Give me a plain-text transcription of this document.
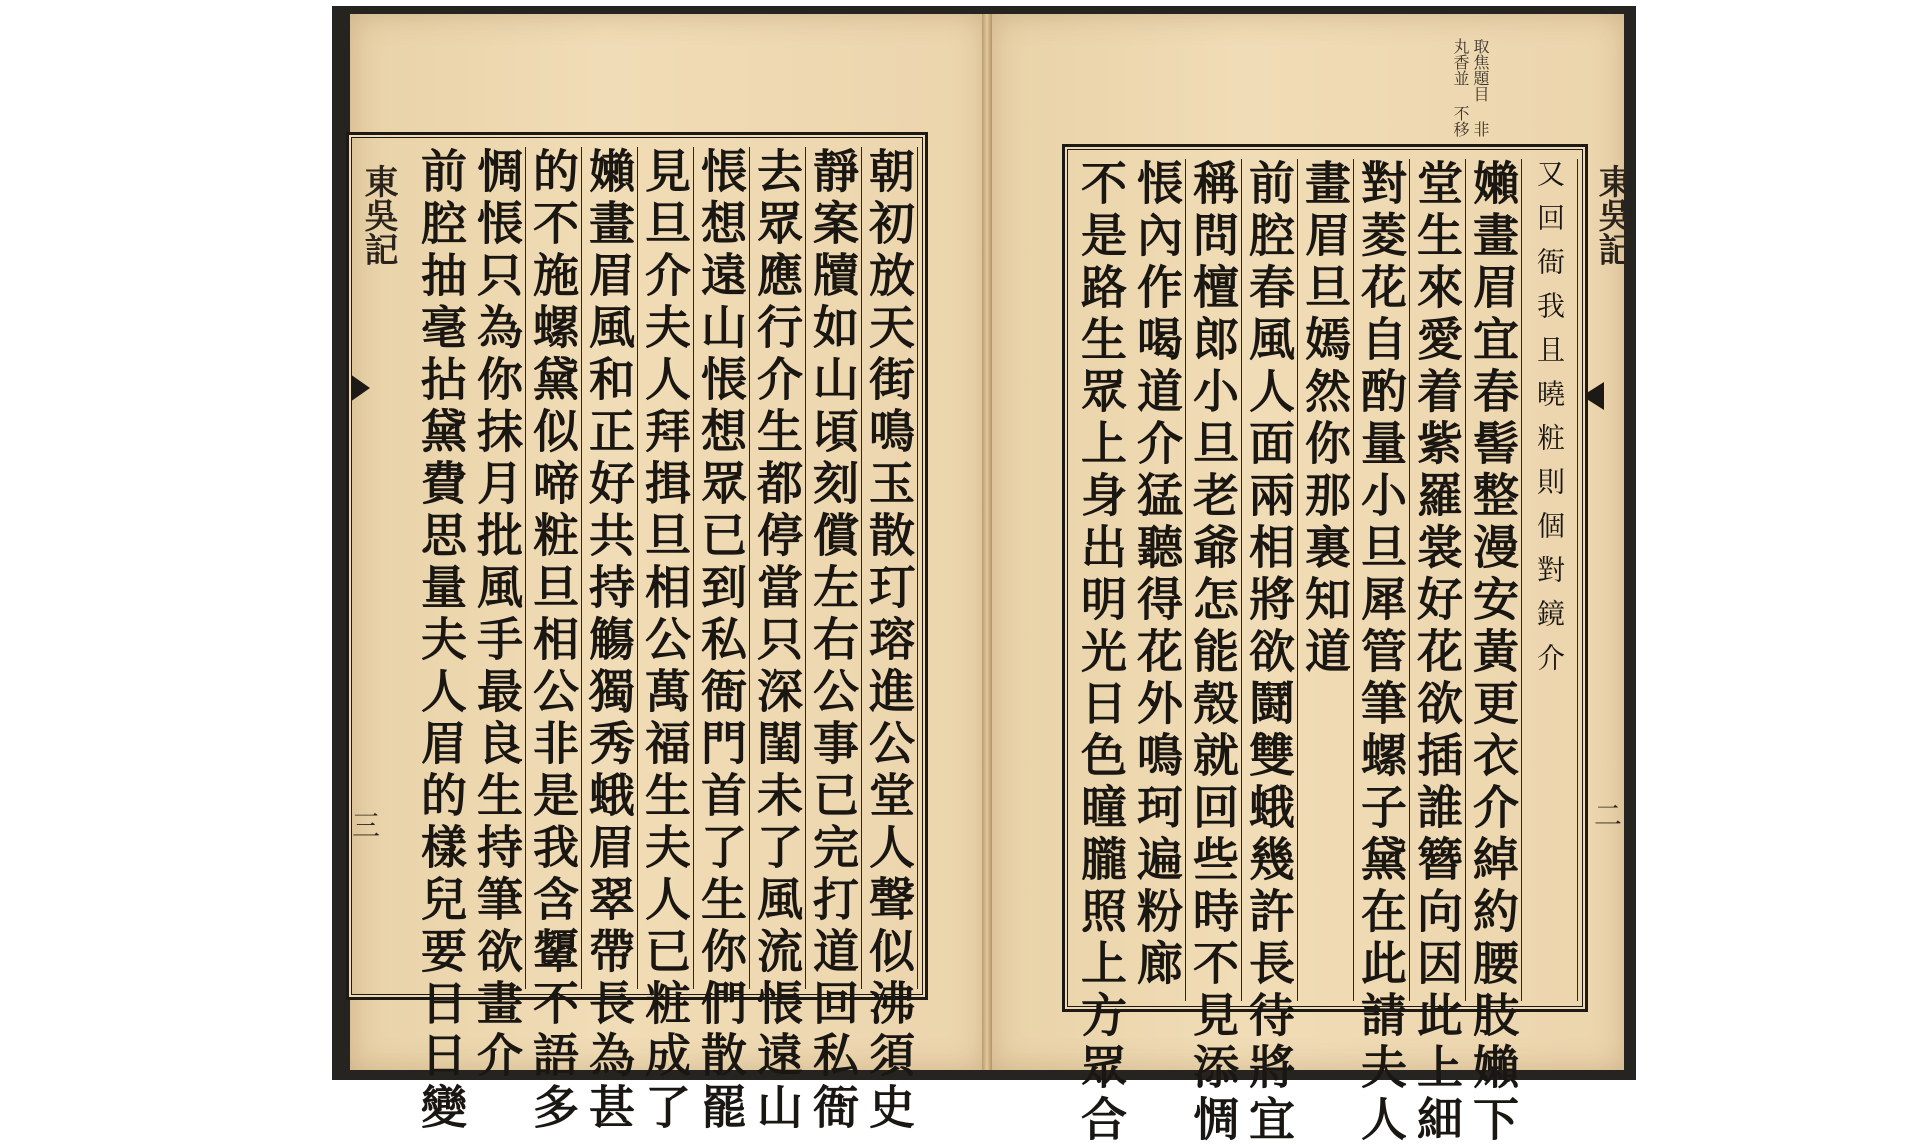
東吳記
三
東吳記
二
取焦題目 非丸香並 不移
朝初放天街鳴玉散玎瑢進公堂人聲似沸須史
靜案牘如山頃刻償左右公事已完打道回私衙
去眾應行介生都停當只深閨未了風流悵遠山
悵想遠山悵想眾已到私衙門首了生你們散罷
見旦介夫人拜揖旦相公萬福生夫人已粧成了
嬾畫眉風和正好共持觴獨秀蛾眉翠帶長為甚
的不施螺黛似啼粧旦相公非是我含顰不語多
惆悵只為你抹月批風手最良生持筆欲畫介
前腔抽毫拈黛費思量夫人眉的樣兒要日日變	又回衙我且曉粧則個對鏡介
嬾畫眉宜春髻整漫安黃更衣介綽約腰肢嬾下
堂生來愛着紫羅裳好花欲插誰簪向因此上細
對菱花自酌量小旦犀管筆螺子黛在此請夫人
畫眉旦嫣然你那裏知道
前腔春風人面兩相將欲鬪雙蛾幾許長待將宜
稱問檀郎小旦老爺怎能殼就回些時不見添惆
悵內作喝道介猛聽得花外鳴珂遍粉廊
不是路生眾上身出明光日色曈朧照上方眾合
